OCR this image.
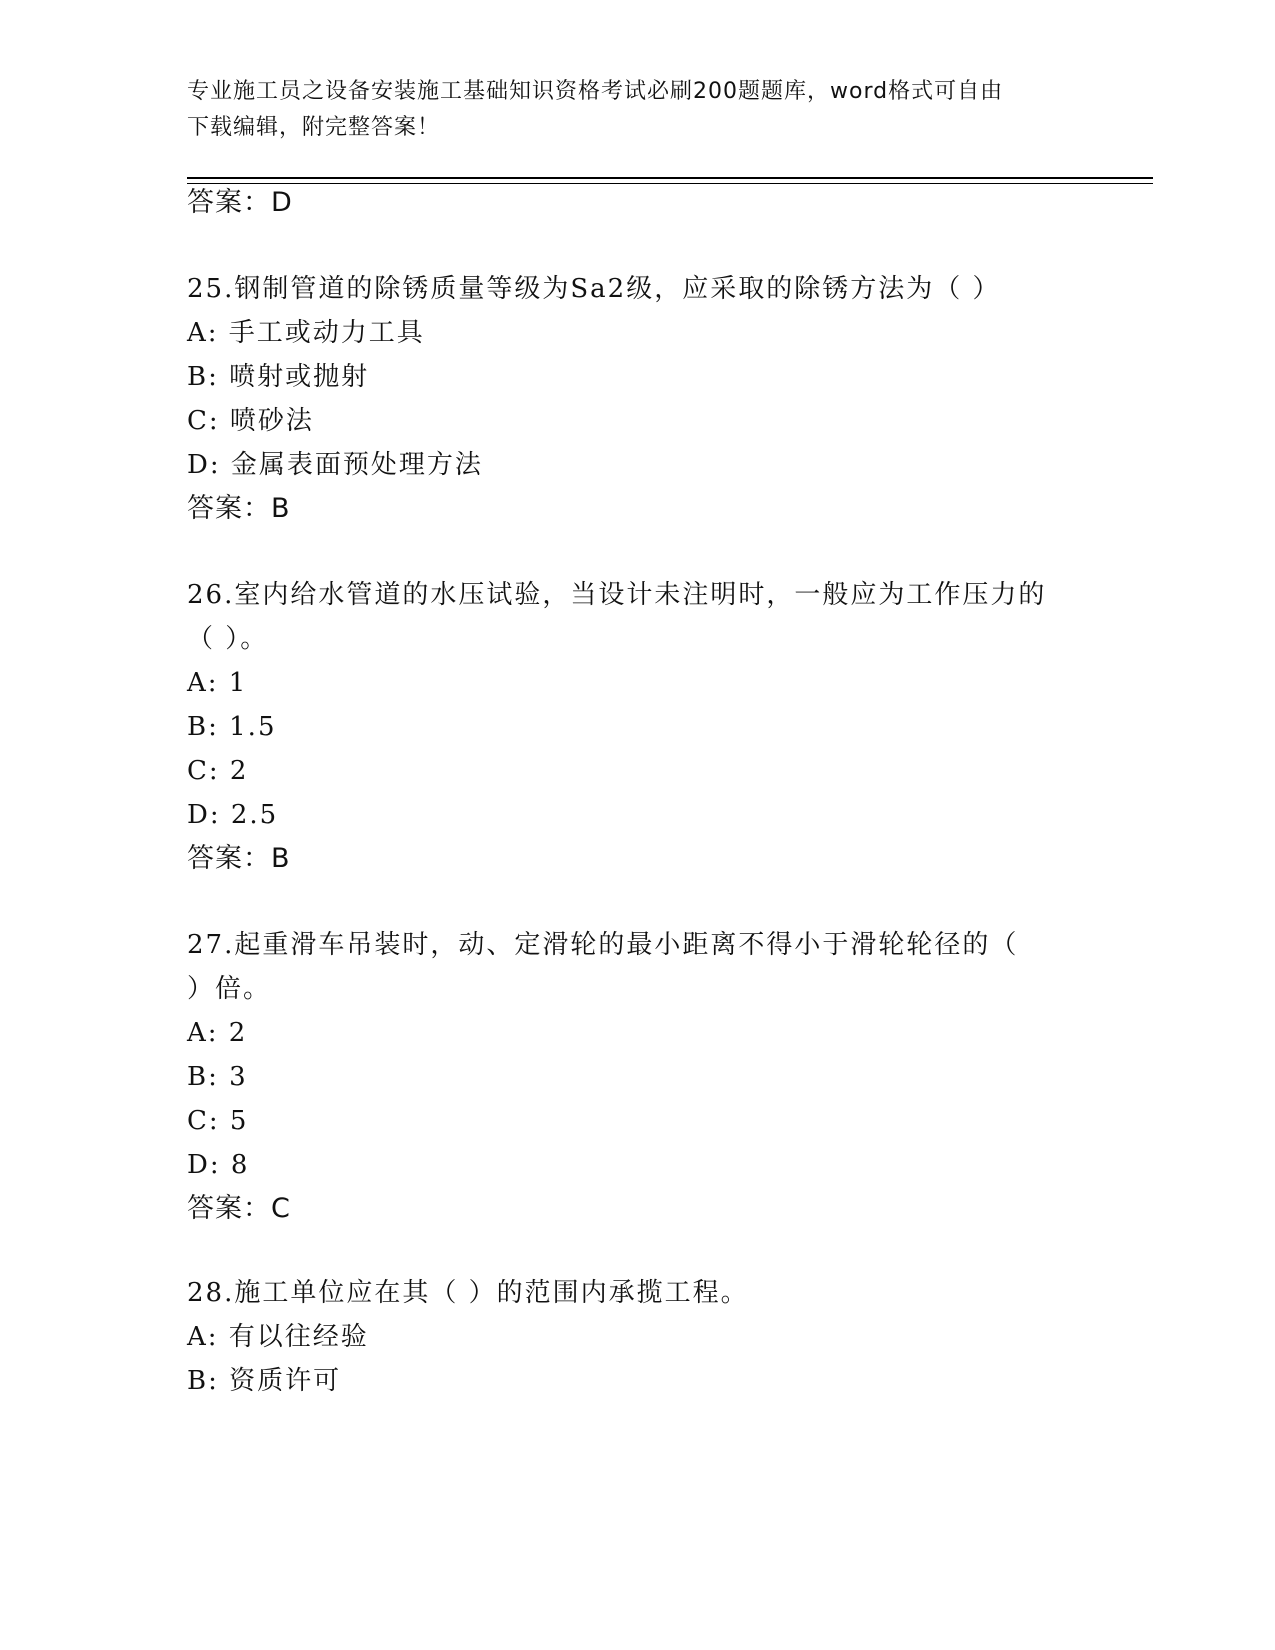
专业施工员之设备安装施工基础知识资格考试必刷200题题库，word格式可自由
下载编辑，附完整答案！
答案：D
25.钢制管道的除锈质量等级为Sa2级，应采取的除锈方法为（ ）
A: 手工或动力工具
B: 喷射或抛射
C: 喷砂法
D: 金属表面预处理方法
答案：B
26.室内给水管道的水压试验，当设计未注明时，一般应为工作压力的
（ ）。
A: 1
B: 1.5
C: 2
D: 2.5
答案：B
27.起重滑车吊装时，动、定滑轮的最小距离不得小于滑轮轮径的（
）倍。
A: 2
B: 3
C: 5
D: 8
答案：C
28.施工单位应在其（ ）的范围内承揽工程。
A: 有以往经验
B: 资质许可
